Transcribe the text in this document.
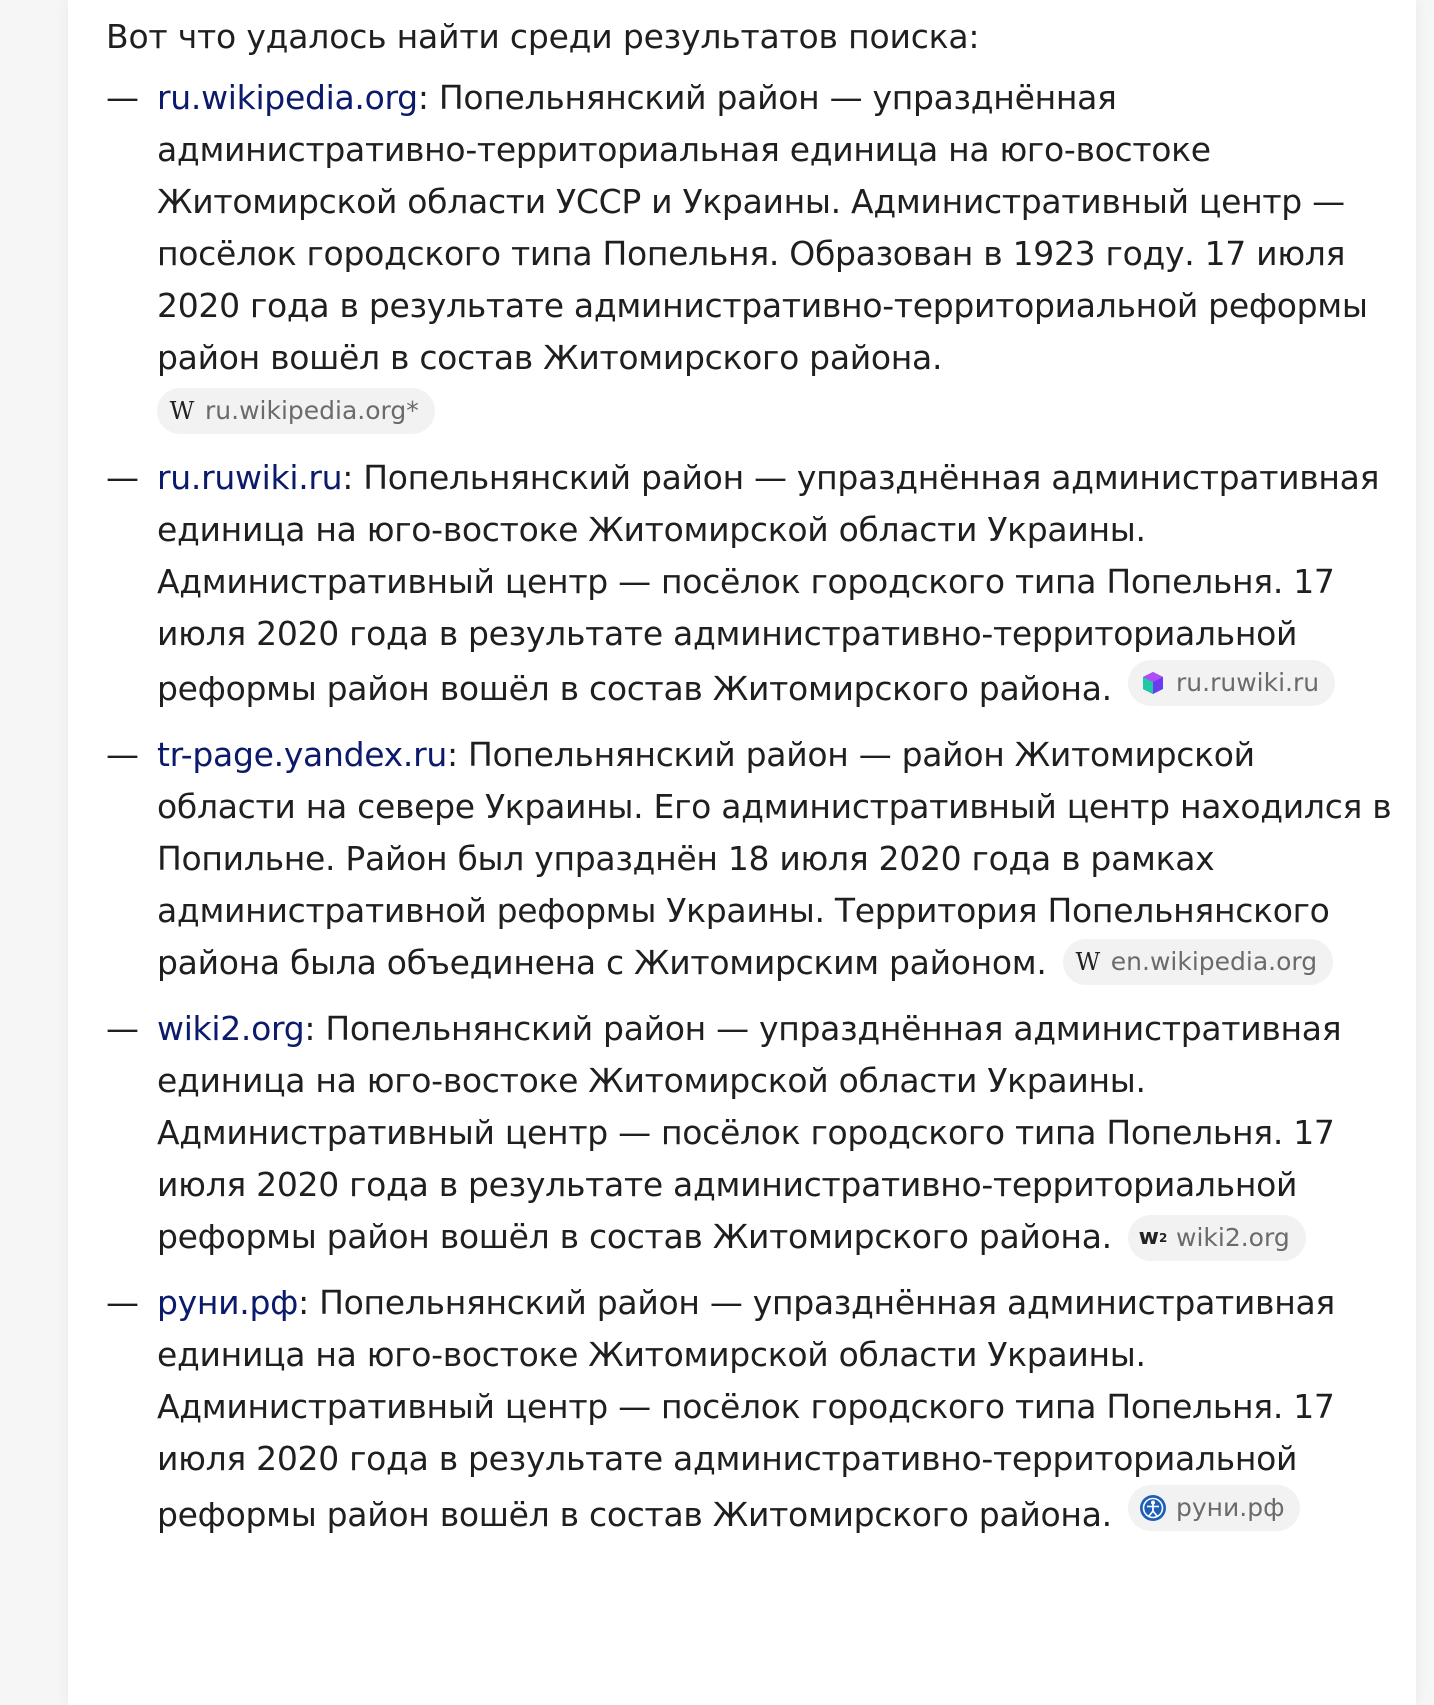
Вот что удалось найти среди результатов поиска:

— ru.wikipedia.org: Попельнянский район — упразднённая административно-территориальная единица на юго-востоке Житомирской области УССР и Украины. Административный центр — посёлок городского типа Попельня. Образован в 1923 году. 17 июля 2020 года в результате административно-территориальной реформы район вошёл в состав Житомирского района.
W ru.wikipedia.org*
— ru.ruwiki.ru: Попельнянский район — упразднённая административная единица на юго-востоке Житомирской области Украины. Административный центр — посёлок городского типа Попельня. 17 июля 2020 года в результате административно-территориальной реформы район вошёл в состав Житомирского района.	ru.ruwiki.ru
— tr-page.yandex.ru: Попельнянский район — район Житомирской области на севере Украины. Его административный центр находился в Попильне. Район был упразднён 18 июля 2020 года в рамках административной реформы Украины. Территория Попельнянского района была объединена с Житомирским районом. W en.wikipedia.org
— wiki2.org: Попельнянский район — упразднённая административная единица на юго-востоке Житомирской области Украины. Административный центр — посёлок городского типа Попельня. 17 июля 2020 года в результате административно-территориальной реформы район вошёл в состав Житомирского района. w 2 wiki2.org
— руни.рф: Попельнянский район — упразднённая административная единица на юго-востоке Житомирской области Украины. Административный центр — посёлок городского типа Попельня. 17 июля 2020 года в результате административно-территориальной реформы район вошёл в состав Житомирского района.	руни.рф
